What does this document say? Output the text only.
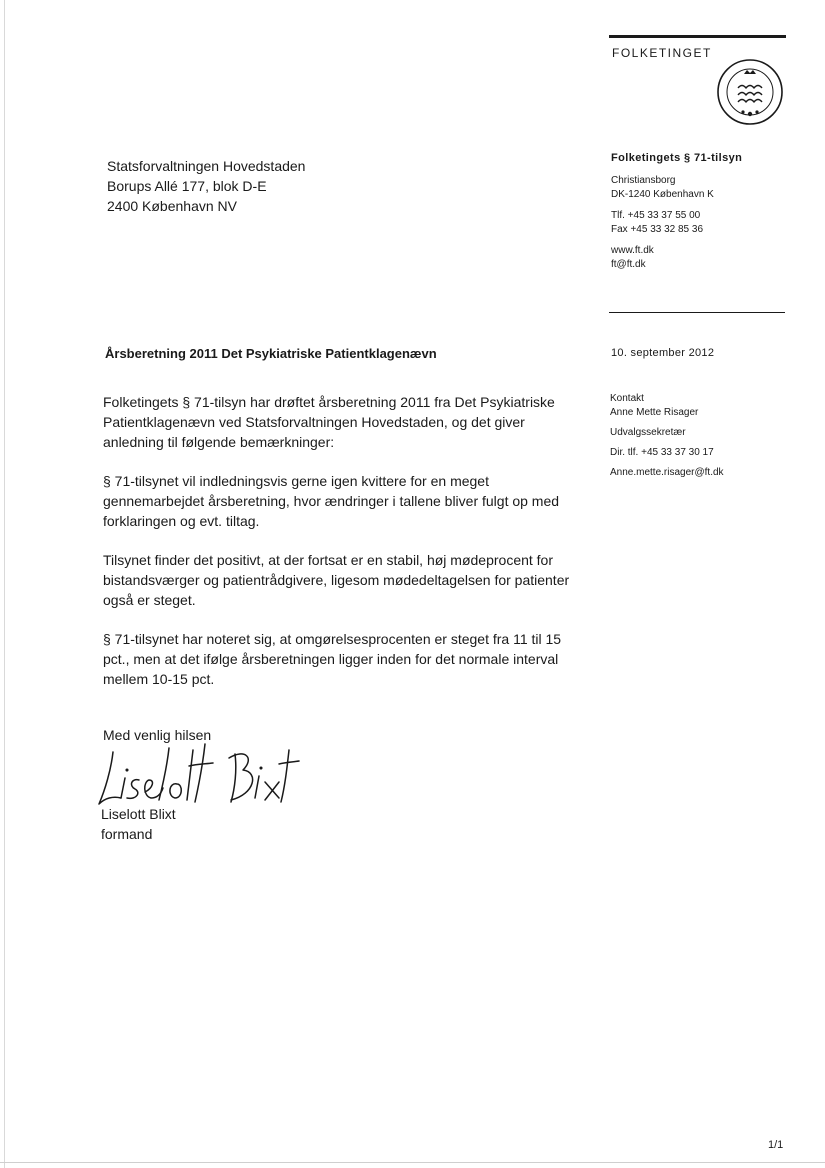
FOLKETINGET
Statsforvaltningen Hovedstaden
Borups Allé 177, blok D-E
2400 København NV
Folketingets § 71-tilsyn
Christiansborg
DK-1240 København K
Tlf. +45 33 37 55 00
Fax +45 33 32 85 36
www.ft.dk
ft@ft.dk
10. september 2012
Kontakt
Anne Mette Risager
Udvalgssekretær
Dir. tlf. +45 33 37 30 17
Anne.mette.risager@ft.dk
Årsberetning 2011 Det Psykiatriske Patientklagenævn

Folketingets § 71-tilsyn har drøftet årsberetning 2011 fra Det Psykiatriske Patientklagenævn ved Statsforvaltningen Hovedstaden, og det giver anledning til følgende bemærkninger:

§ 71-tilsynet vil indledningsvis gerne igen kvittere for en meget gennemarbejdet årsberetning, hvor ændringer i tallene bliver fulgt op med forklaringen og evt. tiltag.

Tilsynet finder det positivt, at der fortsat er en stabil, høj mødeprocent for bistandsværger og patientrådgivere, ligesom mødedeltagelsen for patienter også er steget.

§ 71-tilsynet har noteret sig, at omgørelsesprocenten er steget fra 11 til 15 pct., men at det ifølge årsberetningen ligger inden for det normale interval mellem 10-15 pct.

Med venlig hilsen
Liselott Blixt
formand
1/1
